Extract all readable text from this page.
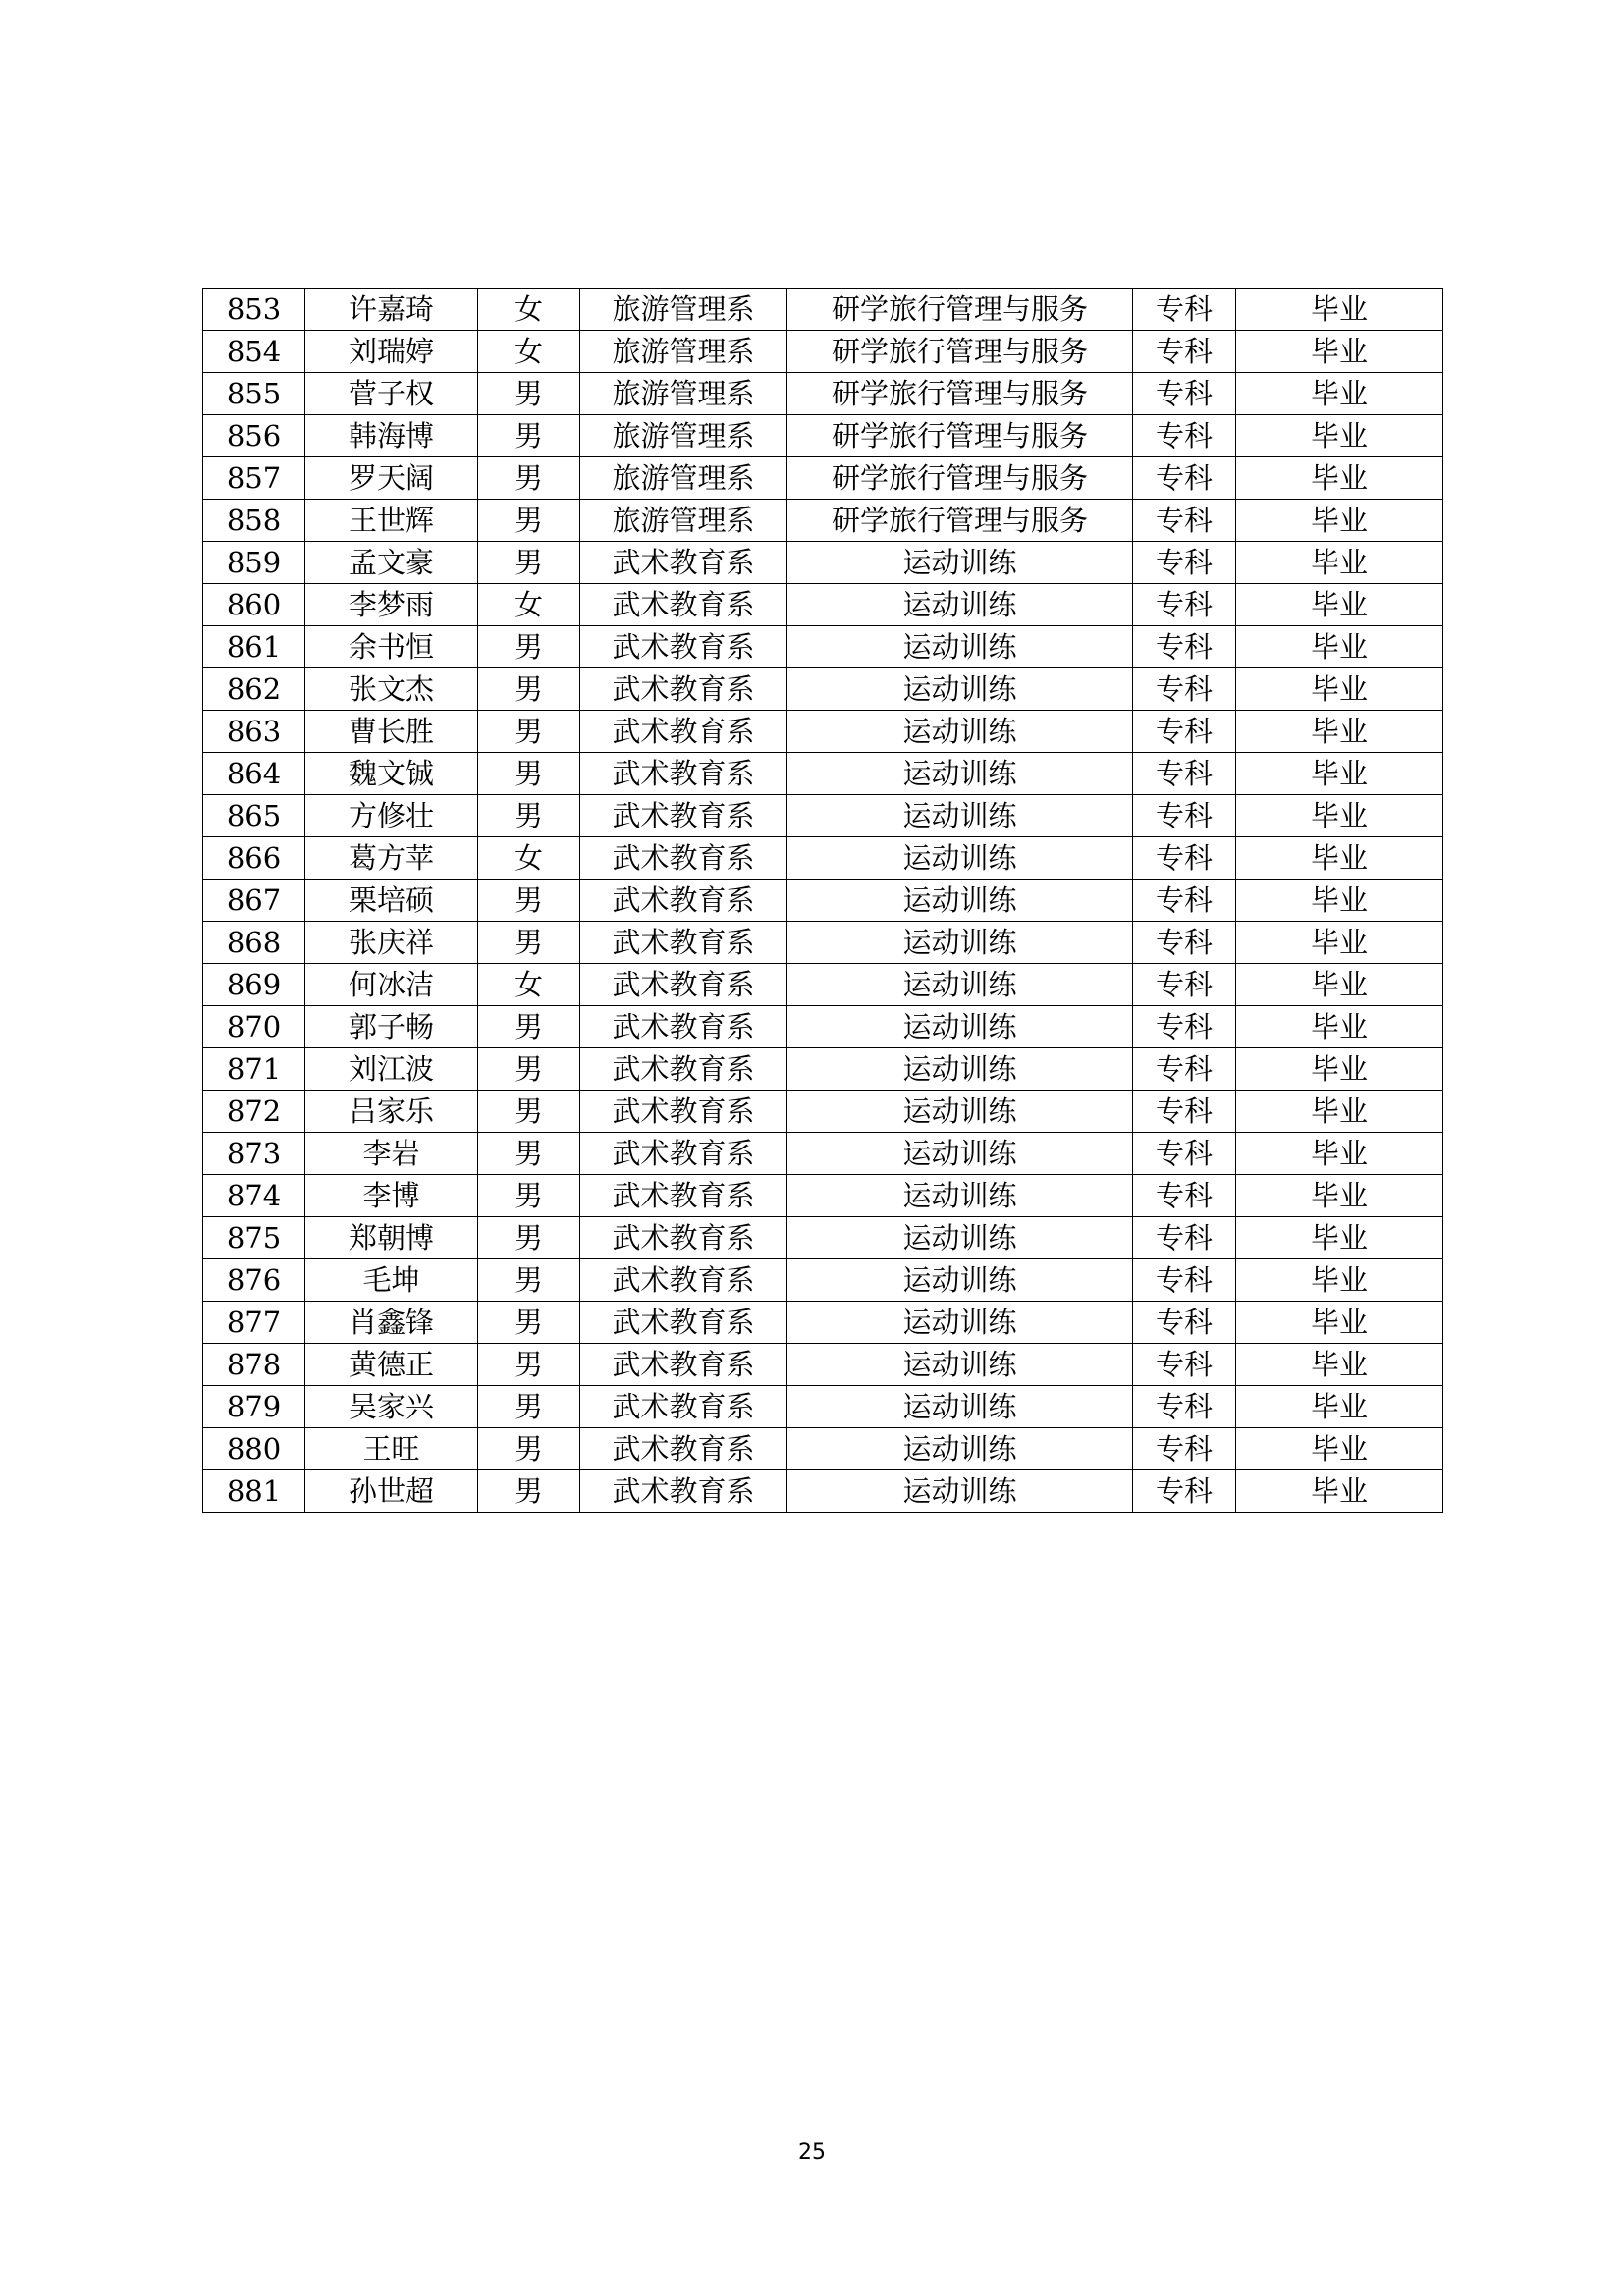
853	许嘉琦	女	旅游管理系	研学旅行管理与服务	专科	毕业
854	刘瑞婷	女	旅游管理系	研学旅行管理与服务	专科	毕业
855	菅子权	男	旅游管理系	研学旅行管理与服务	专科	毕业
856	韩海博	男	旅游管理系	研学旅行管理与服务	专科	毕业
857	罗天阔	男	旅游管理系	研学旅行管理与服务	专科	毕业
858	王世辉	男	旅游管理系	研学旅行管理与服务	专科	毕业
859	孟文豪	男	武术教育系	运动训练	专科	毕业
860	李梦雨	女	武术教育系	运动训练	专科	毕业
861	余书恒	男	武术教育系	运动训练	专科	毕业
862	张文杰	男	武术教育系	运动训练	专科	毕业
863	曹长胜	男	武术教育系	运动训练	专科	毕业
864	魏文铖	男	武术教育系	运动训练	专科	毕业
865	方修壮	男	武术教育系	运动训练	专科	毕业
866	葛方苹	女	武术教育系	运动训练	专科	毕业
867	栗培硕	男	武术教育系	运动训练	专科	毕业
868	张庆祥	男	武术教育系	运动训练	专科	毕业
869	何冰洁	女	武术教育系	运动训练	专科	毕业
870	郭子畅	男	武术教育系	运动训练	专科	毕业
871	刘江波	男	武术教育系	运动训练	专科	毕业
872	吕家乐	男	武术教育系	运动训练	专科	毕业
873	李岩	男	武术教育系	运动训练	专科	毕业
874	李博	男	武术教育系	运动训练	专科	毕业
875	郑朝博	男	武术教育系	运动训练	专科	毕业
876	毛坤	男	武术教育系	运动训练	专科	毕业
877	肖鑫锋	男	武术教育系	运动训练	专科	毕业
878	黄德正	男	武术教育系	运动训练	专科	毕业
879	吴家兴	男	武术教育系	运动训练	专科	毕业
880	王旺	男	武术教育系	运动训练	专科	毕业
881	孙世超	男	武术教育系	运动训练	专科	毕业
25
